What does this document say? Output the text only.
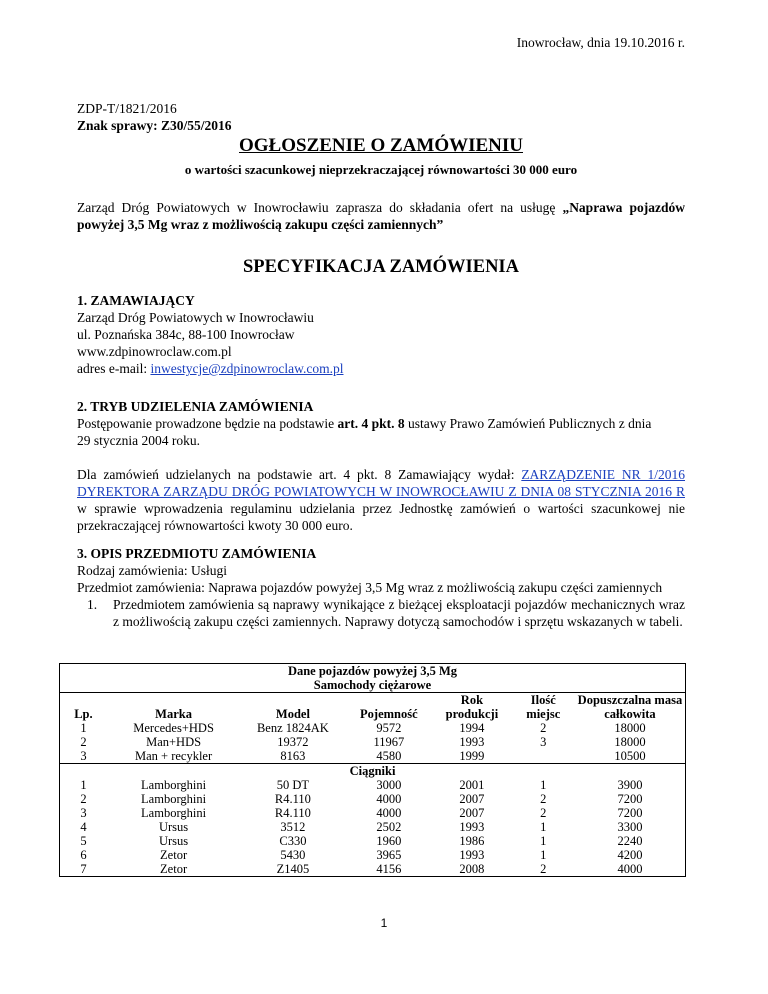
Inowrocław, dnia 19.10.2016 r.
ZDP-T/1821/2016
Znak sprawy: Z30/55/2016
OGŁOSZENIE O ZAMÓWIENIU
o wartości szacunkowej nieprzekraczającej równowartości 30 000 euro
Zarząd Dróg Powiatowych w Inowrocławiu zaprasza do składania ofert na usługę „Naprawa pojazdów powyżej 3,5 Mg wraz z możliwością zakupu części zamiennych”
SPECYFIKACJA ZAMÓWIENIA
1. ZAMAWIAJĄCY
Zarząd Dróg Powiatowych w Inowrocławiu
ul. Poznańska 384c, 88-100 Inowrocław
www.zdpinowroclaw.com.pl
adres e-mail: inwestycje@zdpinowroclaw.com.pl
2. TRYB UDZIELENIA ZAMÓWIENIA
Postępowanie prowadzone będzie na podstawie art. 4 pkt. 8 ustawy Prawo Zamówień Publicznych z dnia 29 stycznia 2004 roku.
Dla zamówień udzielanych na podstawie art. 4 pkt. 8 Zamawiający wydał: ZARZĄDZENIE NR 1/2016 DYREKTORA ZARZĄDU DRÓG POWIATOWYCH W INOWROCŁAWIU Z DNIA 08 STYCZNIA 2016 R w sprawie wprowadzenia regulaminu udzielania przez Jednostkę zamówień o wartości szacunkowej nie przekraczającej równowartości kwoty 30 000 euro.
3. OPIS PRZEDMIOTU ZAMÓWIENIA
Rodzaj zamówienia: Usługi
Przedmiot zamówienia: Naprawa pojazdów powyżej 3,5 Mg wraz z możliwością zakupu części zamiennych
1.	Przedmiotem zamówienia są naprawy wynikające z bieżącej eksploatacji pojazdów mechanicznych wraz z możliwością zakupu części zamiennych. Naprawy dotyczą samochodów i sprzętu wskazanych w tabeli.
Dane pojazdów powyżej 3,5 Mg						
Samochody ciężarowe						
Lp.	Marka	Model	Pojemność	Rok produkcji	Ilość miejsc	Dopuszczalna masa całkowita
1	Mercedes+HDS	Benz 1824AK	9572	1994	2	18000
2	Man+HDS	19372	11967	1993	3	18000
3	Man + recykler	8163	4580	1999		10500
Ciągniki						
1	Lamborghini	50 DT	3000	2001	1	3900
2	Lamborghini	R4.110	4000	2007	2	7200
3	Lamborghini	R4.110	4000	2007	2	7200
4	Ursus	3512	2502	1993	1	3300
5	Ursus	C330	1960	1986	1	2240
6	Zetor	5430	3965	1993	1	4200
7	Zetor	Z1405	4156	2008	2	4000
1
